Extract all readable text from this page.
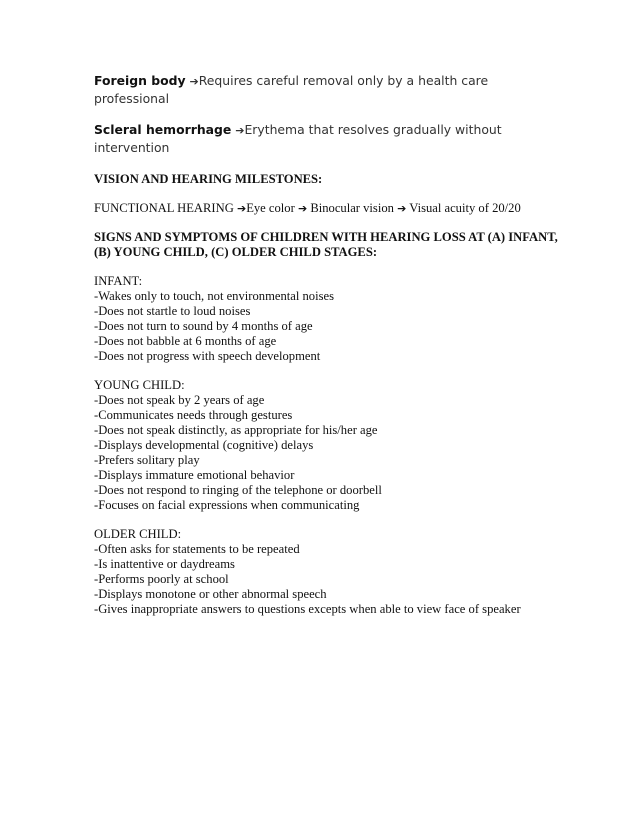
Foreign body ➔Requires careful removal only by a health care professional

Scleral hemorrhage ➔Erythema that resolves gradually without intervention

VISION AND HEARING MILESTONES:

FUNCTIONAL HEARING ➔Eye color ➔ Binocular vision ➔ Visual acuity of 20/20

SIGNS AND SYMPTOMS OF CHILDREN WITH HEARING LOSS AT (A) INFANT, (B) YOUNG CHILD, (C) OLDER CHILD STAGES:

INFANT:

-Wakes only to touch, not environmental noises

-Does not startle to loud noises

-Does not turn to sound by 4 months of age

-Does not babble at 6 months of age

-Does not progress with speech development

YOUNG CHILD:

-Does not speak by 2 years of age

-Communicates needs through gestures

-Does not speak distinctly, as appropriate for his/her age

-Displays developmental (cognitive) delays

-Prefers solitary play

-Displays immature emotional behavior

-Does not respond to ringing of the telephone or doorbell

-Focuses on facial expressions when communicating

OLDER CHILD:

-Often asks for statements to be repeated

-Is inattentive or daydreams

-Performs poorly at school

-Displays monotone or other abnormal speech

-Gives inappropriate answers to questions excepts when able to view face of speaker
